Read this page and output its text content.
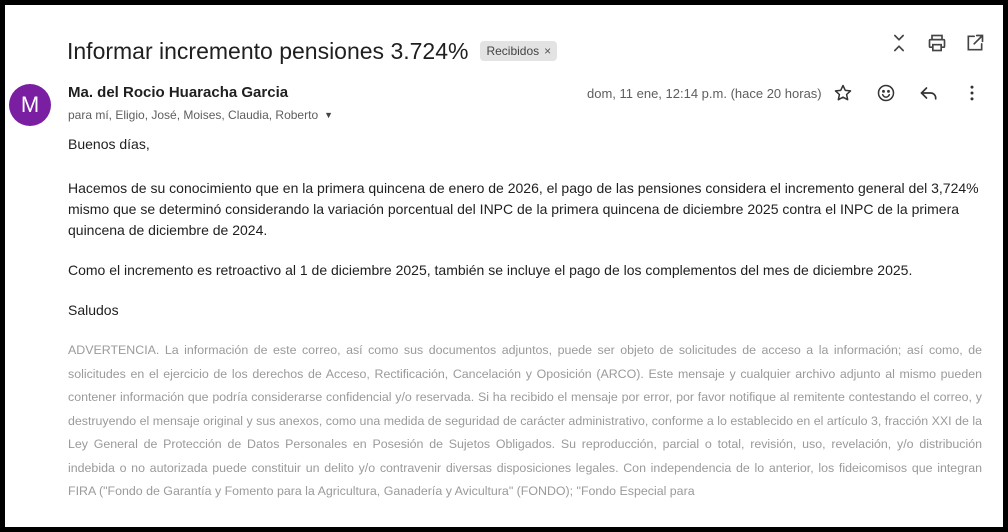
Informar incremento pensiones 3.724% Recibidos ×
M	Ma. del Rocio Huaracha Garcia
para mí, Eligio, José, Moises, Claudia, Roberto ▼
dom, 11 ene, 12:14 p.m. (hace 20 horas)

Buenos días,

Hacemos de su conocimiento que en la primera quincena de enero de 2026, el pago de las pensiones considera el incremento general del 3,724% mismo que se determinó considerando la variación porcentual del INPC de la primera quincena de diciembre 2025 contra el INPC de la primera quincena de diciembre de 2024.

Como el incremento es retroactivo al 1 de diciembre 2025, también se incluye el pago de los complementos del mes de diciembre 2025.

Saludos

ADVERTENCIA. La información de este correo, así como sus documentos adjuntos, puede ser objeto de solicitudes de acceso a la información; así como, de solicitudes en el ejercicio de los derechos de Acceso, Rectificación, Cancelación y Oposición (ARCO). Este mensaje y cualquier archivo adjunto al mismo pueden contener información que podría considerarse confidencial y/o reservada. Si ha recibido el mensaje por error, por favor notifique al remitente contestando el correo, y destruyendo el mensaje original y sus anexos, como una medida de seguridad de carácter administrativo, conforme a lo establecido en el artículo 3, fracción XXI de la Ley General de Protección de Datos Personales en Posesión de Sujetos Obligados. Su reproducción, parcial o total, revisión, uso, revelación, y/o distribución indebida o no autorizada puede constituir un delito y/o contravenir diversas disposiciones legales. Con independencia de lo anterior, los fideicomisos que integran FIRA ("Fondo de Garantía y Fomento para la Agricultura, Ganadería y Avicultura" (FONDO); "Fondo Especial para
